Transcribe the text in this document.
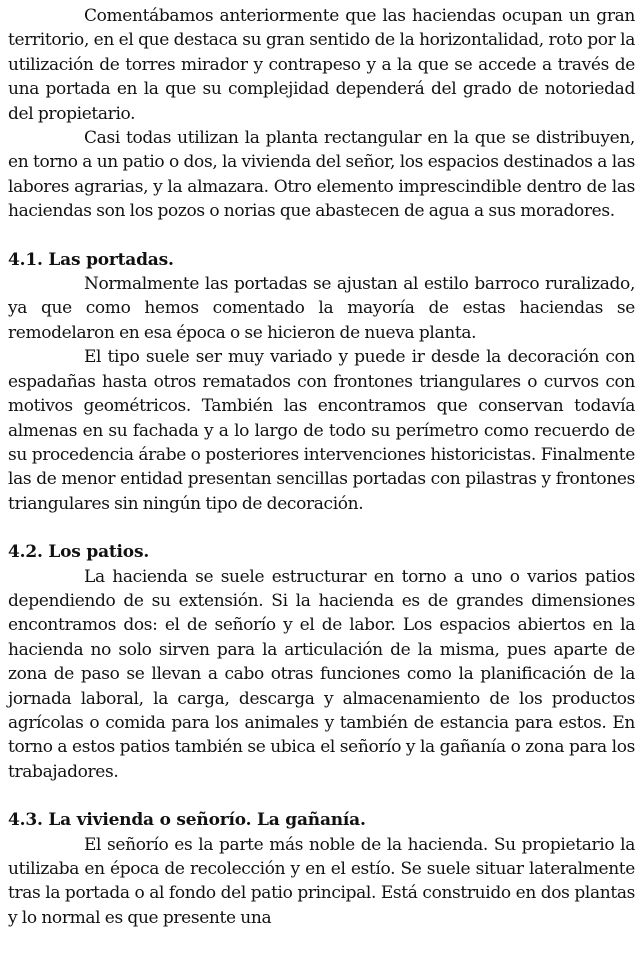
Comentábamos anteriormente que las haciendas ocupan un gran territorio, en el que destaca su gran sentido de la horizontalidad, roto por la utilización de torres mirador y contrapeso y a la que se accede a través de una portada en la que su complejidad dependerá del grado de notoriedad del propietario.

Casi todas utilizan la planta rectangular en la que se distribuyen, en torno a un patio o dos, la vivienda del señor, los espacios destinados a las labores agrarias, y la almazara. Otro elemento imprescindible dentro de las haciendas son los pozos o norias que abastecen de agua a sus moradores.

4.1. Las portadas.

Normalmente las portadas se ajustan al estilo barroco ruralizado, ya que como hemos comentado la mayoría de estas haciendas se remodelaron en esa época o se hicieron de nueva planta.

El tipo suele ser muy variado y puede ir desde la decoración con espadañas hasta otros rematados con frontones triangulares o curvos con motivos geométricos. También las encontramos que conservan todavía almenas en su fachada y a lo largo de todo su perímetro como recuerdo de su procedencia árabe o posteriores intervenciones historicistas. Finalmente las de menor entidad presentan sencillas portadas con pilastras y frontones triangulares sin ningún tipo de decoración.

4.2. Los patios.

La hacienda se suele estructurar en torno a uno o varios patios dependiendo de su extensión. Si la hacienda es de grandes dimensiones encontramos dos: el de señorío y el de labor. Los espacios abiertos en la hacienda no solo sirven para la articulación de la misma, pues aparte de zona de paso se llevan a cabo otras funciones como la planificación de la jornada laboral, la carga, descarga y almacenamiento de los productos agrícolas o comida para los animales y también de estancia para estos. En torno a estos patios también se ubica el señorío y la gañanía o zona para los trabajadores.

4.3. La vivienda o señorío. La gañanía.

El señorío es la parte más noble de la hacienda. Su propietario la utilizaba en época de recolección y en el estío. Se suele situar lateralmente tras la portada o al fondo del patio principal. Está construido en dos plantas y lo normal es que presente una
